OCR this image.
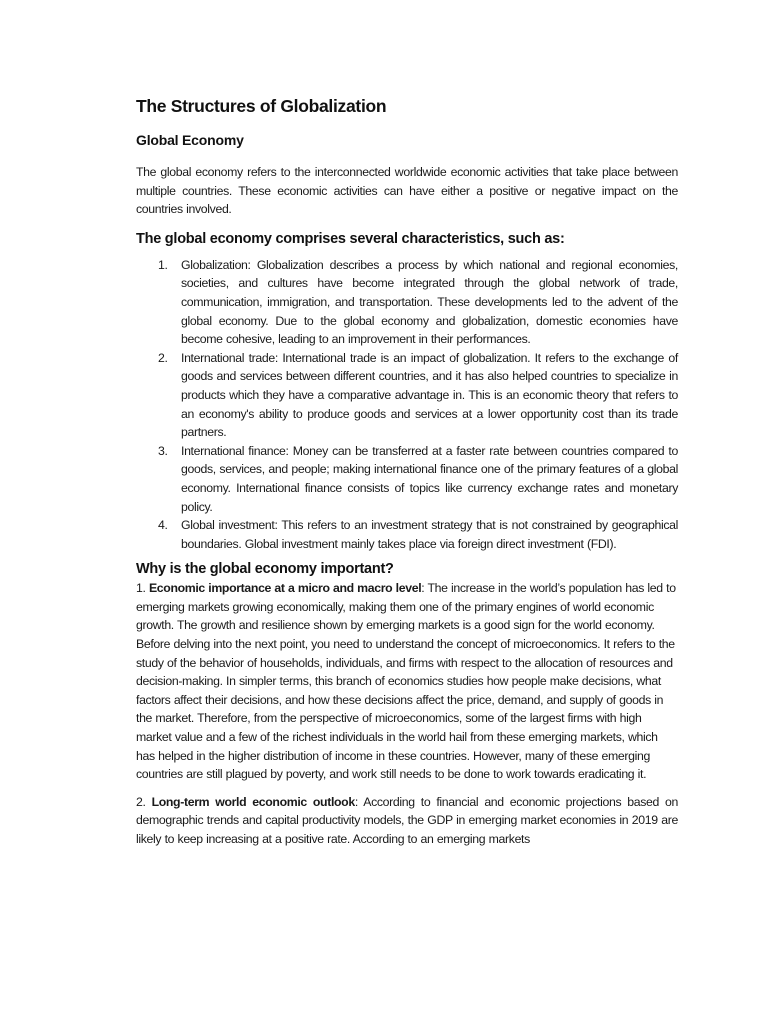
The Structures of Globalization
Global Economy

The global economy refers to the interconnected worldwide economic activities that take place between multiple countries. These economic activities can have either a positive or negative impact on the countries involved.

The global economy comprises several characteristics, such as:
1. Globalization: Globalization describes a process by which national and regional economies, societies, and cultures have become integrated through the global network of trade, communication, immigration, and transportation. These developments led to the advent of the global economy. Due to the global economy and globalization, domestic economies have become cohesive, leading to an improvement in their performances.
2. International trade: International trade is an impact of globalization. It refers to the exchange of goods and services between different countries, and it has also helped countries to specialize in products which they have a comparative advantage in. This is an economic theory that refers to an economy's ability to produce goods and services at a lower opportunity cost than its trade partners.
3. International finance: Money can be transferred at a faster rate between countries compared to goods, services, and people; making international finance one of the primary features of a global economy. International finance consists of topics like currency exchange rates and monetary policy.
4. Global investment: This refers to an investment strategy that is not constrained by geographical boundaries. Global investment mainly takes place via foreign direct investment (FDI).
Why is the global economy important?

1. Economic importance at a micro and macro level: The increase in the world’s population has led to emerging markets growing economically, making them one of the primary engines of world economic growth. The growth and resilience shown by emerging markets is a good sign for the world economy. Before delving into the next point, you need to understand the concept of microeconomics. It refers to the study of the behavior of households, individuals, and firms with respect to the allocation of resources and decision-making. In simpler terms, this branch of economics studies how people make decisions, what factors affect their decisions, and how these decisions affect the price, demand, and supply of goods in the market. Therefore, from the perspective of microeconomics, some of the largest firms with high market value and a few of the richest individuals in the world hail from these emerging markets, which has helped in the higher distribution of income in these countries. However, many of these emerging countries are still plagued by poverty, and work still needs to be done to work towards eradicating it.

2. Long-term world economic outlook: According to financial and economic projections based on demographic trends and capital productivity models, the GDP in emerging market economies in 2019 are likely to keep increasing at a positive rate. According to an emerging markets
